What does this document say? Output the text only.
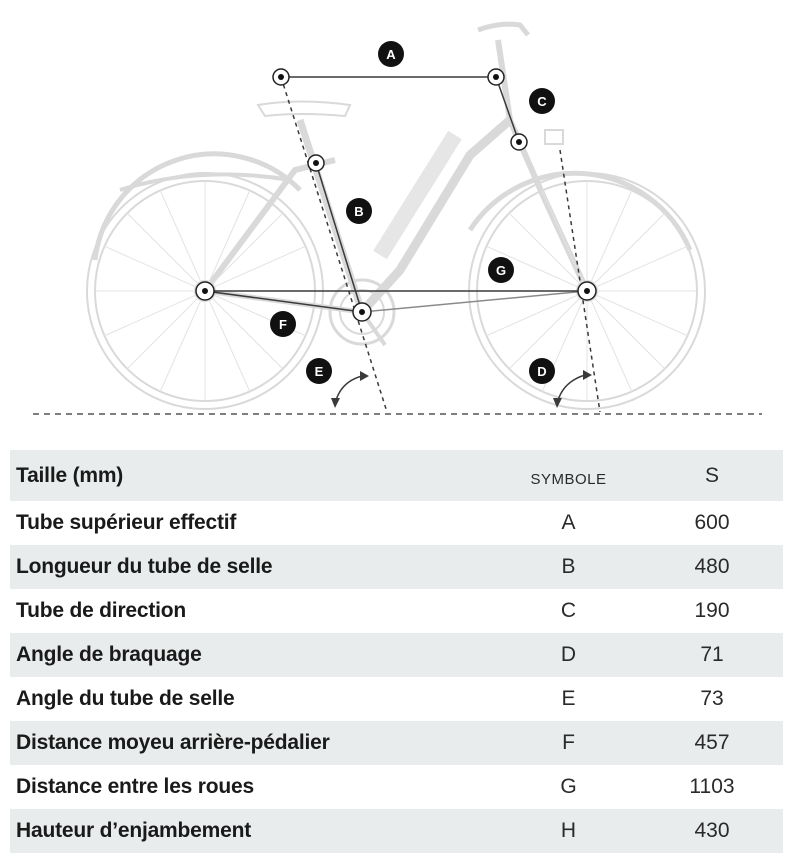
A
B
C
D
E
F
G
Taille (mm)	SYMBOLE	S
Tube supérieur effectif	A	600
Longueur du tube de selle	B	480
Tube de direction	C	190
Angle de braquage	D	71
Angle du tube de selle	E	73
Distance moyeu arrière-pédalier	F	457
Distance entre les roues	G	1103
Hauteur d’enjambement	H	430
